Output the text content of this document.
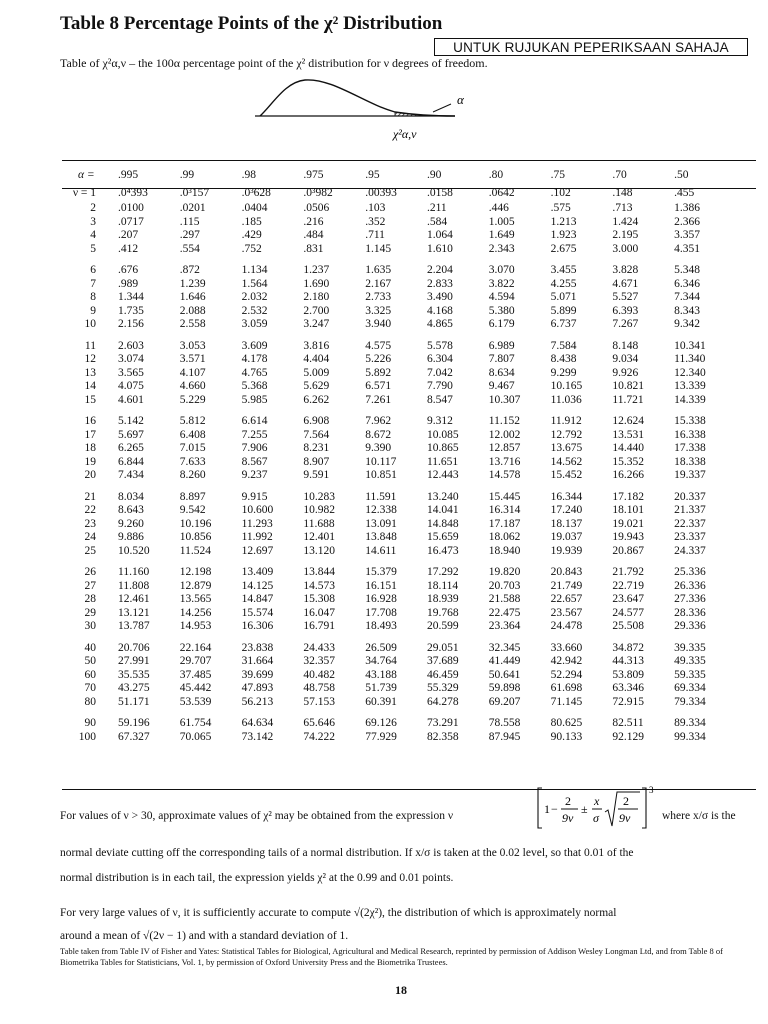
Table 8 Percentage Points of the χ² Distribution
UNTUK RUJUKAN PEPERIKSAAN SAHAJA
Table of χ²α,ν – the 100α percentage point of the χ² distribution for ν degrees of freedom.
α
χ²α,ν
α =	.995	.99	.98	.975	.95	.90	.80	.75	.70	.50
ν = 1	.0⁴393	.0³157	.0³628	.0³982	.00393	.0158	.0642	.102	.148	.455
2	.0100	.0201	.0404	.0506	.103	.211	.446	.575	.713	1.386
3	.0717	.115	.185	.216	.352	.584	1.005	1.213	1.424	2.366
4	.207	.297	.429	.484	.711	1.064	1.649	1.923	2.195	3.357
5	.412	.554	.752	.831	1.145	1.610	2.343	2.675	3.000	4.351
6	.676	.872	1.134	1.237	1.635	2.204	3.070	3.455	3.828	5.348
7	.989	1.239	1.564	1.690	2.167	2.833	3.822	4.255	4.671	6.346
8	1.344	1.646	2.032	2.180	2.733	3.490	4.594	5.071	5.527	7.344
9	1.735	2.088	2.532	2.700	3.325	4.168	5.380	5.899	6.393	8.343
10	2.156	2.558	3.059	3.247	3.940	4.865	6.179	6.737	7.267	9.342
11	2.603	3.053	3.609	3.816	4.575	5.578	6.989	7.584	8.148	10.341
12	3.074	3.571	4.178	4.404	5.226	6.304	7.807	8.438	9.034	11.340
13	3.565	4.107	4.765	5.009	5.892	7.042	8.634	9.299	9.926	12.340
14	4.075	4.660	5.368	5.629	6.571	7.790	9.467	10.165	10.821	13.339
15	4.601	5.229	5.985	6.262	7.261	8.547	10.307	11.036	11.721	14.339
16	5.142	5.812	6.614	6.908	7.962	9.312	11.152	11.912	12.624	15.338
17	5.697	6.408	7.255	7.564	8.672	10.085	12.002	12.792	13.531	16.338
18	6.265	7.015	7.906	8.231	9.390	10.865	12.857	13.675	14.440	17.338
19	6.844	7.633	8.567	8.907	10.117	11.651	13.716	14.562	15.352	18.338
20	7.434	8.260	9.237	9.591	10.851	12.443	14.578	15.452	16.266	19.337
21	8.034	8.897	9.915	10.283	11.591	13.240	15.445	16.344	17.182	20.337
22	8.643	9.542	10.600	10.982	12.338	14.041	16.314	17.240	18.101	21.337
23	9.260	10.196	11.293	11.688	13.091	14.848	17.187	18.137	19.021	22.337
24	9.886	10.856	11.992	12.401	13.848	15.659	18.062	19.037	19.943	23.337
25	10.520	11.524	12.697	13.120	14.611	16.473	18.940	19.939	20.867	24.337
26	11.160	12.198	13.409	13.844	15.379	17.292	19.820	20.843	21.792	25.336
27	11.808	12.879	14.125	14.573	16.151	18.114	20.703	21.749	22.719	26.336
28	12.461	13.565	14.847	15.308	16.928	18.939	21.588	22.657	23.647	27.336
29	13.121	14.256	15.574	16.047	17.708	19.768	22.475	23.567	24.577	28.336
30	13.787	14.953	16.306	16.791	18.493	20.599	23.364	24.478	25.508	29.336
40	20.706	22.164	23.838	24.433	26.509	29.051	32.345	33.660	34.872	39.335
50	27.991	29.707	31.664	32.357	34.764	37.689	41.449	42.942	44.313	49.335
60	35.535	37.485	39.699	40.482	43.188	46.459	50.641	52.294	53.809	59.335
70	43.275	45.442	47.893	48.758	51.739	55.329	59.898	61.698	63.346	69.334
80	51.171	53.539	56.213	57.153	60.391	64.278	69.207	71.145	72.915	79.334
90	59.196	61.754	64.634	65.646	69.126	73.291	78.558	80.625	82.511	89.334
100	67.327	70.065	73.142	74.222	77.929	82.358	87.945	90.133	92.129	99.334
For values of ν > 30, approximate values of χ² may be obtained from the expression ν	1 −
2
9ν
±
x
σ
2
9ν
3
where x/σ is the
normal deviate cutting off the corresponding tails of a normal distribution. If x/σ is taken at the 0.02 level, so that 0.01 of the
normal distribution is in each tail, the expression yields χ² at the 0.99 and 0.01 points.
For very large values of ν, it is sufficiently accurate to compute √(2χ²), the distribution of which is approximately normal
around a mean of √(2ν − 1) and with a standard deviation of 1.
Table taken from Table IV of Fisher and Yates: Statistical Tables for Biological, Agricultural and Medical Research, reprinted by permission of Addison Wesley Longman Ltd, and from Table 8 of Biometrika Tables for Statisticians, Vol. 1, by permission of Oxford University Press and the Biometrika Trustees.
18
